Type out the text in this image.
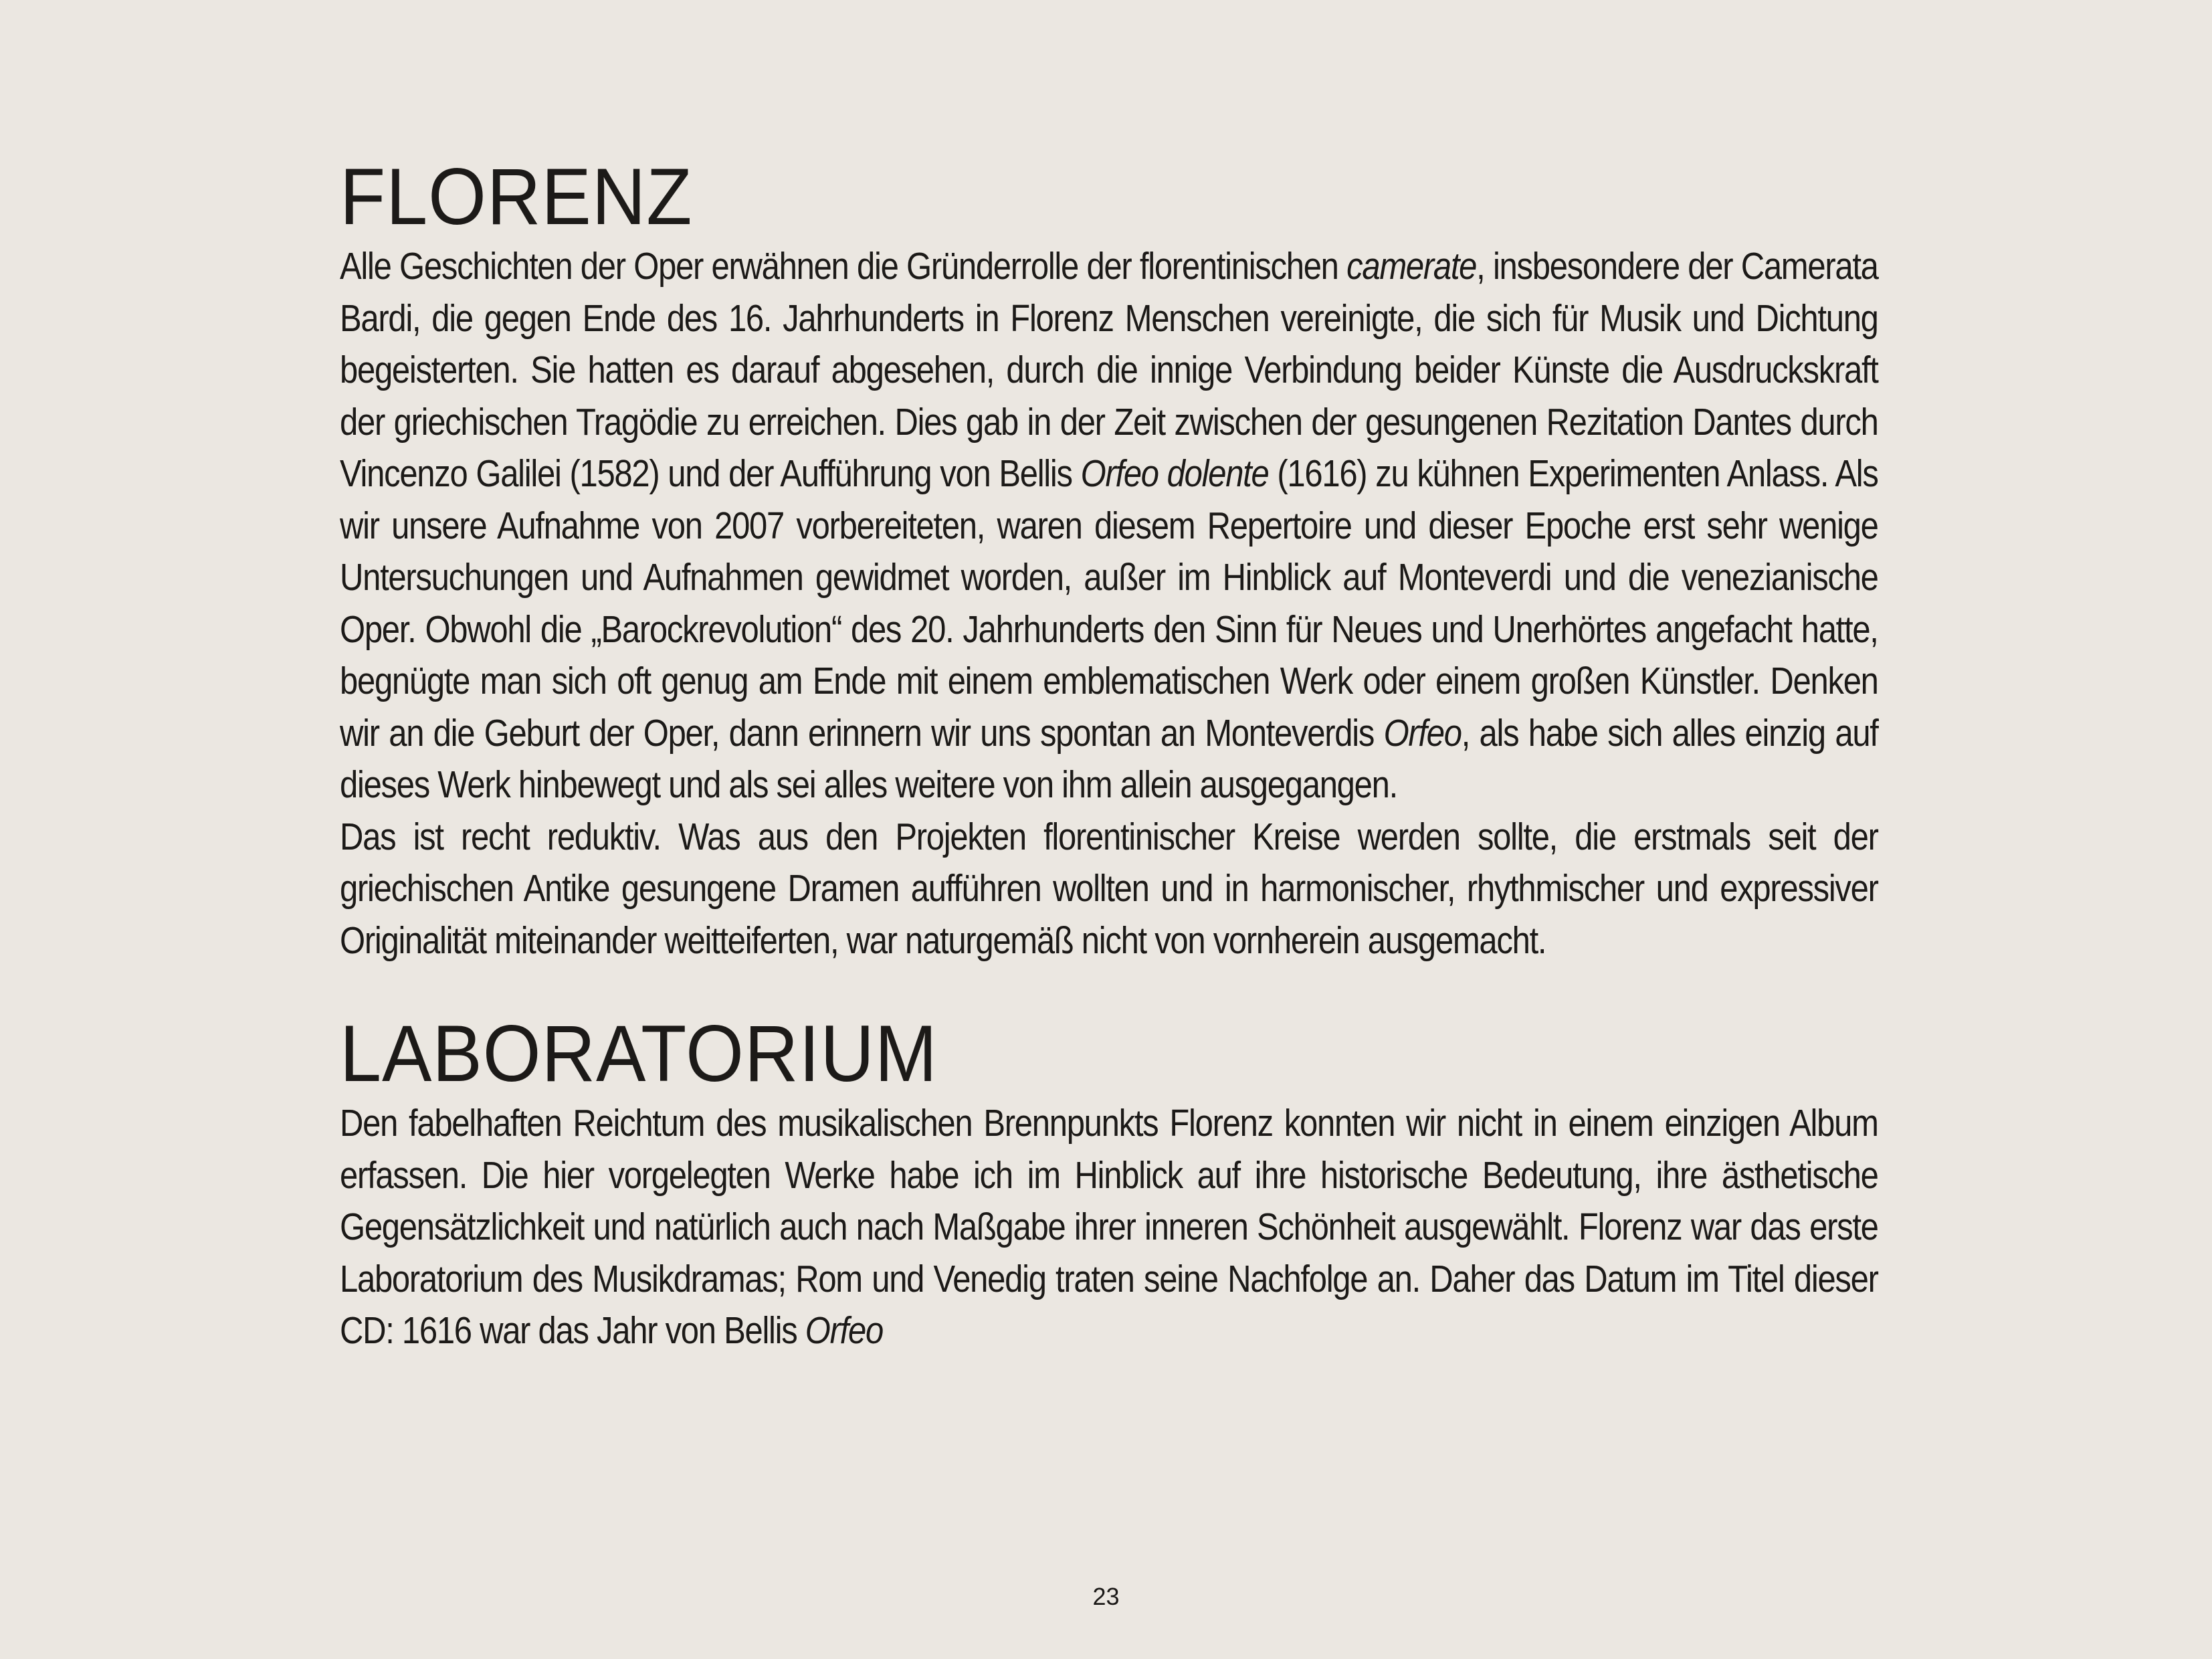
FLORENZ

Alle Geschichten der Oper erwähnen die Gründerrolle der florentinischen camerate, insbesondere der Camerata Bardi, die gegen Ende des 16. Jahrhunderts in Florenz Menschen vereinigte, die sich für Musik und Dichtung begeisterten. Sie hatten es darauf abgesehen, durch die innige Verbindung beider Künste die Ausdruckskraft der griechischen Tragödie zu erreichen. Dies gab in der Zeit zwischen der gesungenen Rezitation Dantes durch Vincenzo Galilei (1582) und der Aufführung von Bellis Orfeo dolente (1616) zu kühnen Experimenten Anlass. Als wir unsere Aufnahme von 2007 vorbereiteten, waren diesem Repertoire und dieser Epoche erst sehr wenige Untersuchungen und Aufnahmen gewidmet worden, außer im Hinblick auf Monteverdi und die venezianische Oper. Obwohl die „Barockrevolution“ des 20. Jahrhunderts den Sinn für Neues und Unerhörtes angefacht hatte, begnügte man sich oft genug am Ende mit einem emblematischen Werk oder einem großen Künstler. Denken wir an die Geburt der Oper, dann erinnern wir uns spontan an Monteverdis Orfeo, als habe sich alles einzig auf dieses Werk hinbewegt und als sei alles weitere von ihm allein ausgegangen.

Das ist recht reduktiv. Was aus den Projekten florentinischer Kreise werden sollte, die erstmals seit der griechischen Antike gesungene Dramen aufführen wollten und in harmonischer, rhythmischer und expressiver Originalität miteinander weitteiferten, war naturgemäß nicht von vornherein ausgemacht.

LABORATORIUM

Den fabelhaften Reichtum des musikalischen Brennpunkts Florenz konnten wir nicht in einem einzigen Album erfassen. Die hier vorgelegten Werke habe ich im Hinblick auf ihre historische Bedeutung, ihre ästhetische Gegensätzlichkeit und natürlich auch nach Maßgabe ihrer inneren Schönheit ausgewählt. Florenz war das erste Laboratorium des Musikdramas; Rom und Venedig traten seine Nachfolge an. Daher das Datum im Titel dieser CD: 1616 war das Jahr von Bellis Orfeo

23
